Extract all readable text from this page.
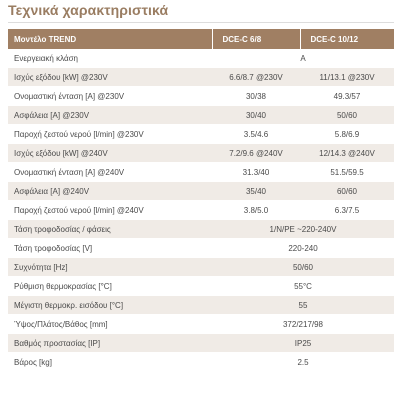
Τεχνικά χαρακτηριστικά
Μοντέλο TREND	DCE-C 6/8	DCE-C 10/12
Ενεργειακή κλάση	A	
Ισχύς εξόδου [kW] @230V	6.6/8.7 @230V	11/13.1 @230V
Ονομαστική ένταση [A] @230V	30/38	49.3/57
Ασφάλεια [A] @230V	30/40	50/60
Παροχή ζεστού νερού [l/min] @230V	3.5/4.6	5.8/6.9
Ισχύς εξόδου [kW] @240V	7.2/9.6 @240V	12/14.3 @240V
Ονομαστική ένταση [A] @240V	31.3/40	51.5/59.5
Ασφάλεια [A] @240V	35/40	60/60
Παροχή ζεστού νερού [l/min] @240V	3.8/5.0	6.3/7.5
Τάση τροφοδοσίας / φάσεις	1/N/PE ~220-240V	
Τάση τροφοδοσίας [V]	220-240	
Συχνότητα [Hz]	50/60	
Ρύθμιση θερμοκρασίας [°C]	55°C	
Μέγιστη θερμοκρ. εισόδου [°C]	55	
Ύψος/Πλάτος/Βάθος [mm]	372/217/98	
Βαθμός προστασίας [IP]	IP25	
Βάρος [kg]	2.5	
